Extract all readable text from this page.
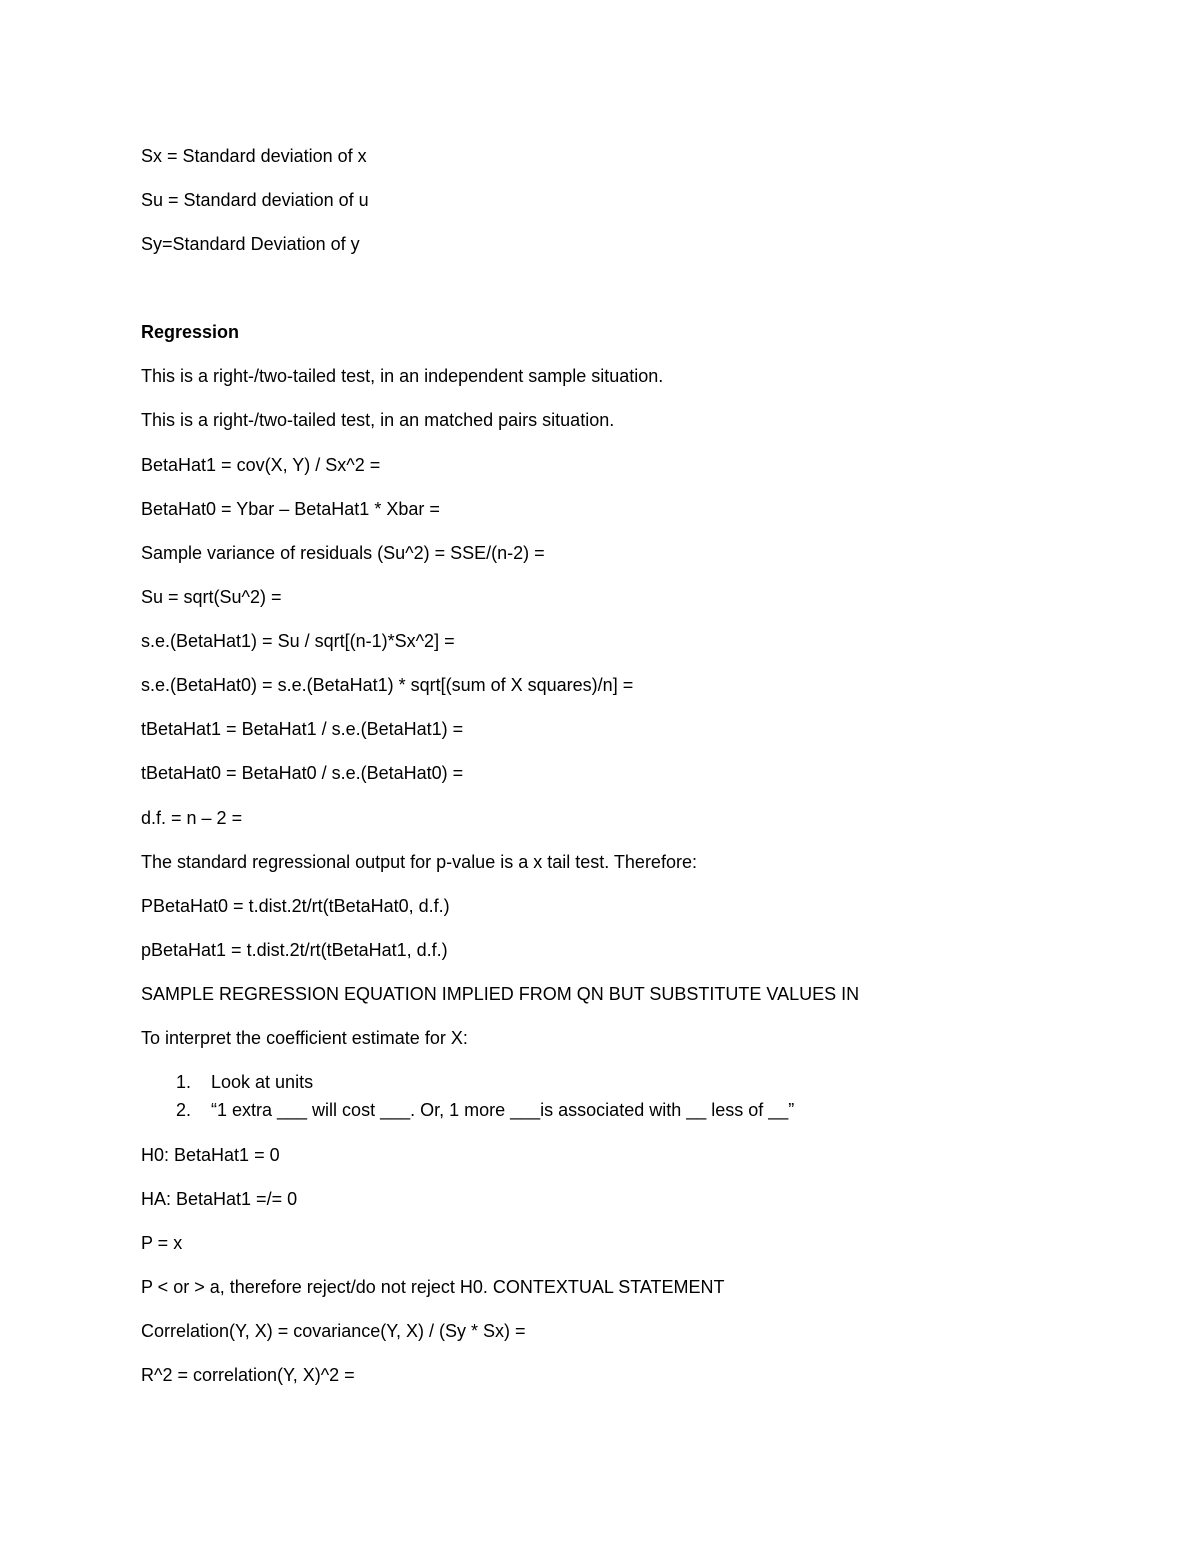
Sx = Standard deviation of x
Su = Standard deviation of u
Sy=Standard Deviation of y
Regression
This is a right-/two-tailed test, in an independent sample situation.
This is a right-/two-tailed test, in an matched pairs situation.
BetaHat1 = cov(X, Y) / Sx^2 =
BetaHat0 = Ybar – BetaHat1 * Xbar =
Sample variance of residuals (Su^2) = SSE/(n-2) =
Su = sqrt(Su^2) =
s.e.(BetaHat1) = Su / sqrt[(n-1)*Sx^2] =
s.e.(BetaHat0) = s.e.(BetaHat1) * sqrt[(sum of X squares)/n] =
tBetaHat1 = BetaHat1 / s.e.(BetaHat1) =
tBetaHat0 = BetaHat0 / s.e.(BetaHat0) =
d.f. = n – 2 =
The standard regressional output for p-value is a x tail test. Therefore:
PBetaHat0 = t.dist.2t/rt(tBetaHat0, d.f.)
pBetaHat1 = t.dist.2t/rt(tBetaHat1, d.f.)
SAMPLE REGRESSION EQUATION IMPLIED FROM QN BUT SUBSTITUTE VALUES IN
To interpret the coefficient estimate for X:
1. Look at units
2. “1 extra ___ will cost ___. Or, 1 more ___is associated with __ less of __”
H0: BetaHat1 = 0
HA: BetaHat1 =/= 0
P = x
P < or > a, therefore reject/do not reject H0. CONTEXTUAL STATEMENT
Correlation(Y, X) = covariance(Y, X) / (Sy * Sx) =
R^2 = correlation(Y, X)^2 =
